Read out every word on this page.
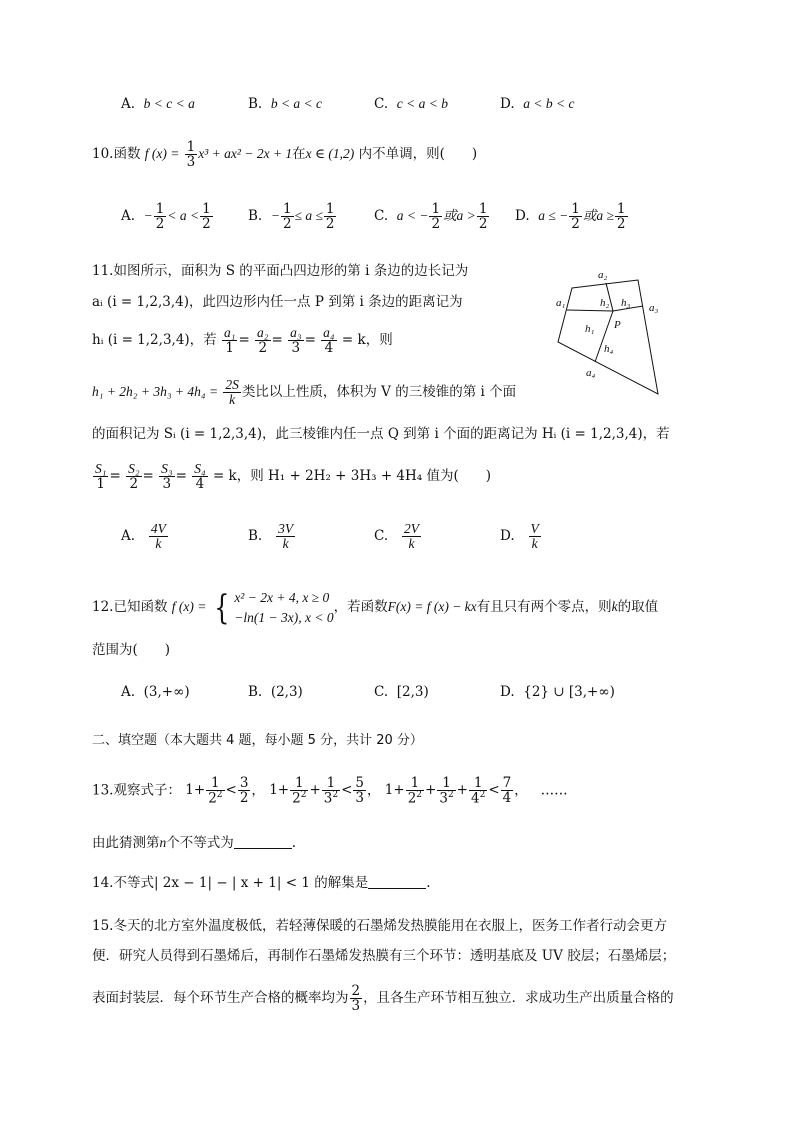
A. b < c < a	B. b < a < c	C. c < a < b	D. a < b < c
10.函数 f $(x) = \frac{1}{3} x^3 + ax^2 - 2x + 1$在x ∈ (1,2) 内不单调，则(　　)
A. − $\frac{1}{2} < a < \frac{1}{2}$	B. − $\frac{1}{2} \le a \le \frac{1}{2}$	C. a < − $\frac{1}{2}$ 或$a > \frac{1}{2} D$. a ≤ − $\frac{1}{2}$ 或$a \ge \frac{1}{2}$
11.如图所示，面积为 S 的平面凸四边形的第 i 条边的边长记为
aᵢ (i = 1,2,3,4)，此四边形内任一点 P 到第 i 条边的距离记为
hᵢ (i = 1,2,3,4)，若 $\frac{\text{a₁}}{1} = \frac{\text{a₂}}{2} = \frac{\text{a₃}}{3} = \frac{\text{a₄}}{4} = k$，则
$h_1 + 2h_2 + 3h_3 + 4h_4 = \frac{2S}{k}$ 类比以上性质，体积为 V 的三棱锥的第 i 个面
的面积记为 Sᵢ (i = 1,2,3,4)，此三棱锥内任一点 Q 到第 i 个面的距离记为 Hᵢ (i = 1,2,3,4)，若
$\frac{\text{S₁}}{1} = \frac{\text{S₂}}{2} = \frac{\text{S₃}}{3} = \frac{\text{S₄}}{4} = k$，则 H₁ + 2H₂ + 3H₃ + 4H₄ 值为(　　)
a₂
a₁	a₃
a₄
h₂ h₃
h₁
h₄
P
A. $\frac{4V}{k}$	B. $\frac{3V}{k}$	C. $\frac{2V}{k}$	D. $\frac{V}{k}$
12.已知函数 f (x) = { x² − 2x + 4, x ≥ 0
−ln(1 − 3x), x < 0
，若函数F(x) = f (x) − kx有且只有两个零点，则k的取值
范围为(　　)
A. (3,+∞)	B. (2,3)	C. [2,3)	D. {2} ∪ [3,+∞)
二、填空题（本大题共 4 题，每小题 5 分，共计 20 分）
13.观察式子： $1+ \frac{1}{2^2} < \frac{3}{2}$ ， $1+ \frac{1}{2^2} + \frac{1}{3^2} < \frac{5}{3}$ ， $1+ \frac{1}{2^2} + \frac{1}{3^2} + \frac{1}{4^2} < \frac{7}{4}$ ， ……
由此猜测第n个不等式为	.
14.不等式| 2x − 1| − | x + 1| < 1 的解集是	.
15.冬天的北方室外温度极低，若轻薄保暖的石墨烯发热膜能用在衣服上，医务工作者行动会更方
便．研究人员得到石墨烯后，再制作石墨烯发热膜有三个环节：透明基底及 UV 胶层；石墨烯层；
表面封装层．每个环节生产合格的概率均为 $\frac{2}{3}$ ，且各生产环节相互独立．求成功生产出质量合格的
